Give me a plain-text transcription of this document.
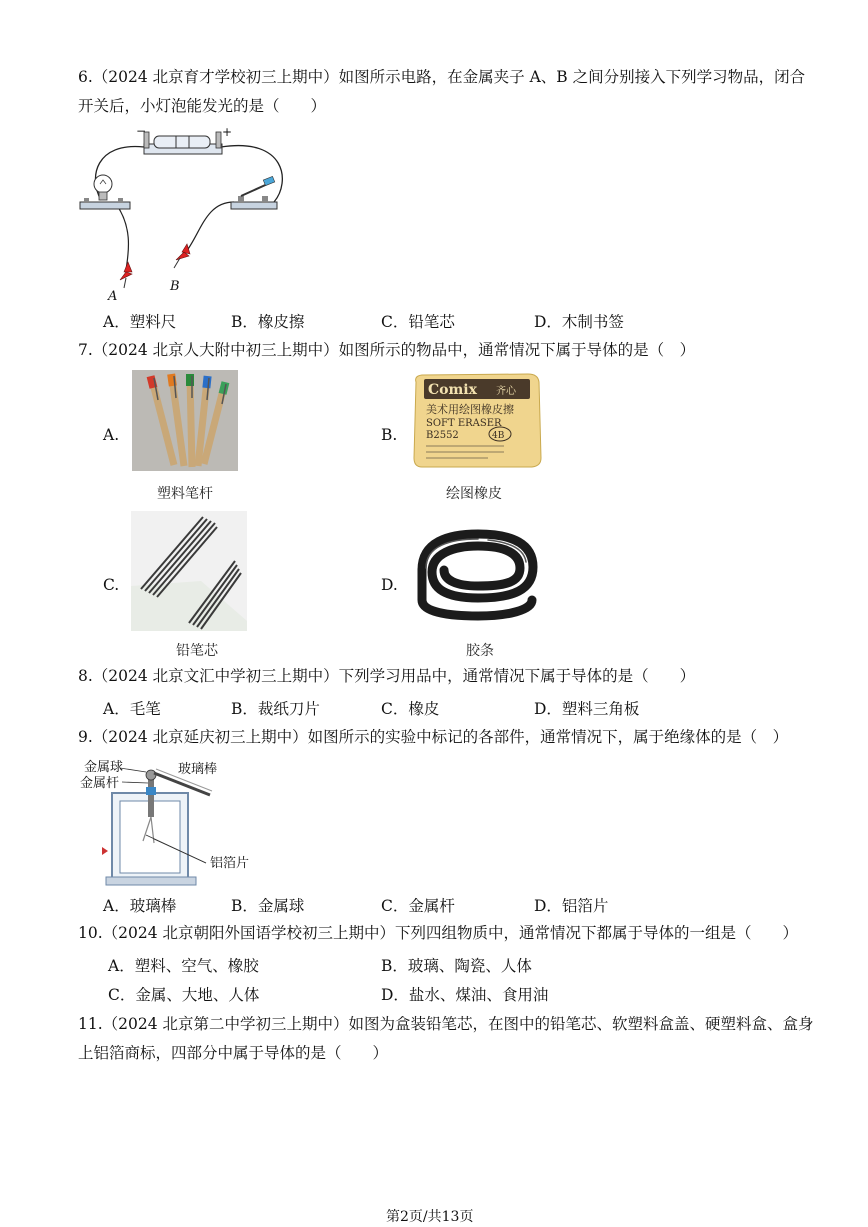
6.（2024 北京育才学校初三上期中）如图所示电路，在金属夹子 A、B 之间分别接入下列学习物品，闭合
开关后，小灯泡能发光的是（　　）
−	+
A
B
A．塑料尺	B．橡皮擦	C．铅笔芯	D．木制书签
7.（2024 北京人大附中初三上期中）如图所示的物品中，通常情况下属于导体的是（　）
A.
塑料笔杆
B.
Comix 齐心
美术用绘图橡皮擦
SOFT ERASER
B2552	4B
绘图橡皮
C.
铅笔芯
D.
胶条
8.（2024 北京文汇中学初三上期中）下列学习用品中，通常情况下属于导体的是（　　）
A．毛笔	B．裁纸刀片	C．橡皮	D．塑料三角板
9.（2024 北京延庆初三上期中）如图所示的实验中标记的各部件，通常情况下，属于绝缘体的是（　）
金属球
金属杆
玻璃棒
铝箔片
A．玻璃棒	B．金属球	C．金属杆	D．铝箔片
10.（2024 北京朝阳外国语学校初三上期中）下列四组物质中，通常情况下都属于导体的一组是（　　）
A．塑料、空气、橡胶	B．玻璃、陶瓷、人体
C．金属、大地、人体	D．盐水、煤油、食用油
11.（2024 北京第二中学初三上期中）如图为盒装铅笔芯，在图中的铅笔芯、软塑料盒盖、硬塑料盒、盒身
上铝箔商标，四部分中属于导体的是（　　）
第2页/共13页
